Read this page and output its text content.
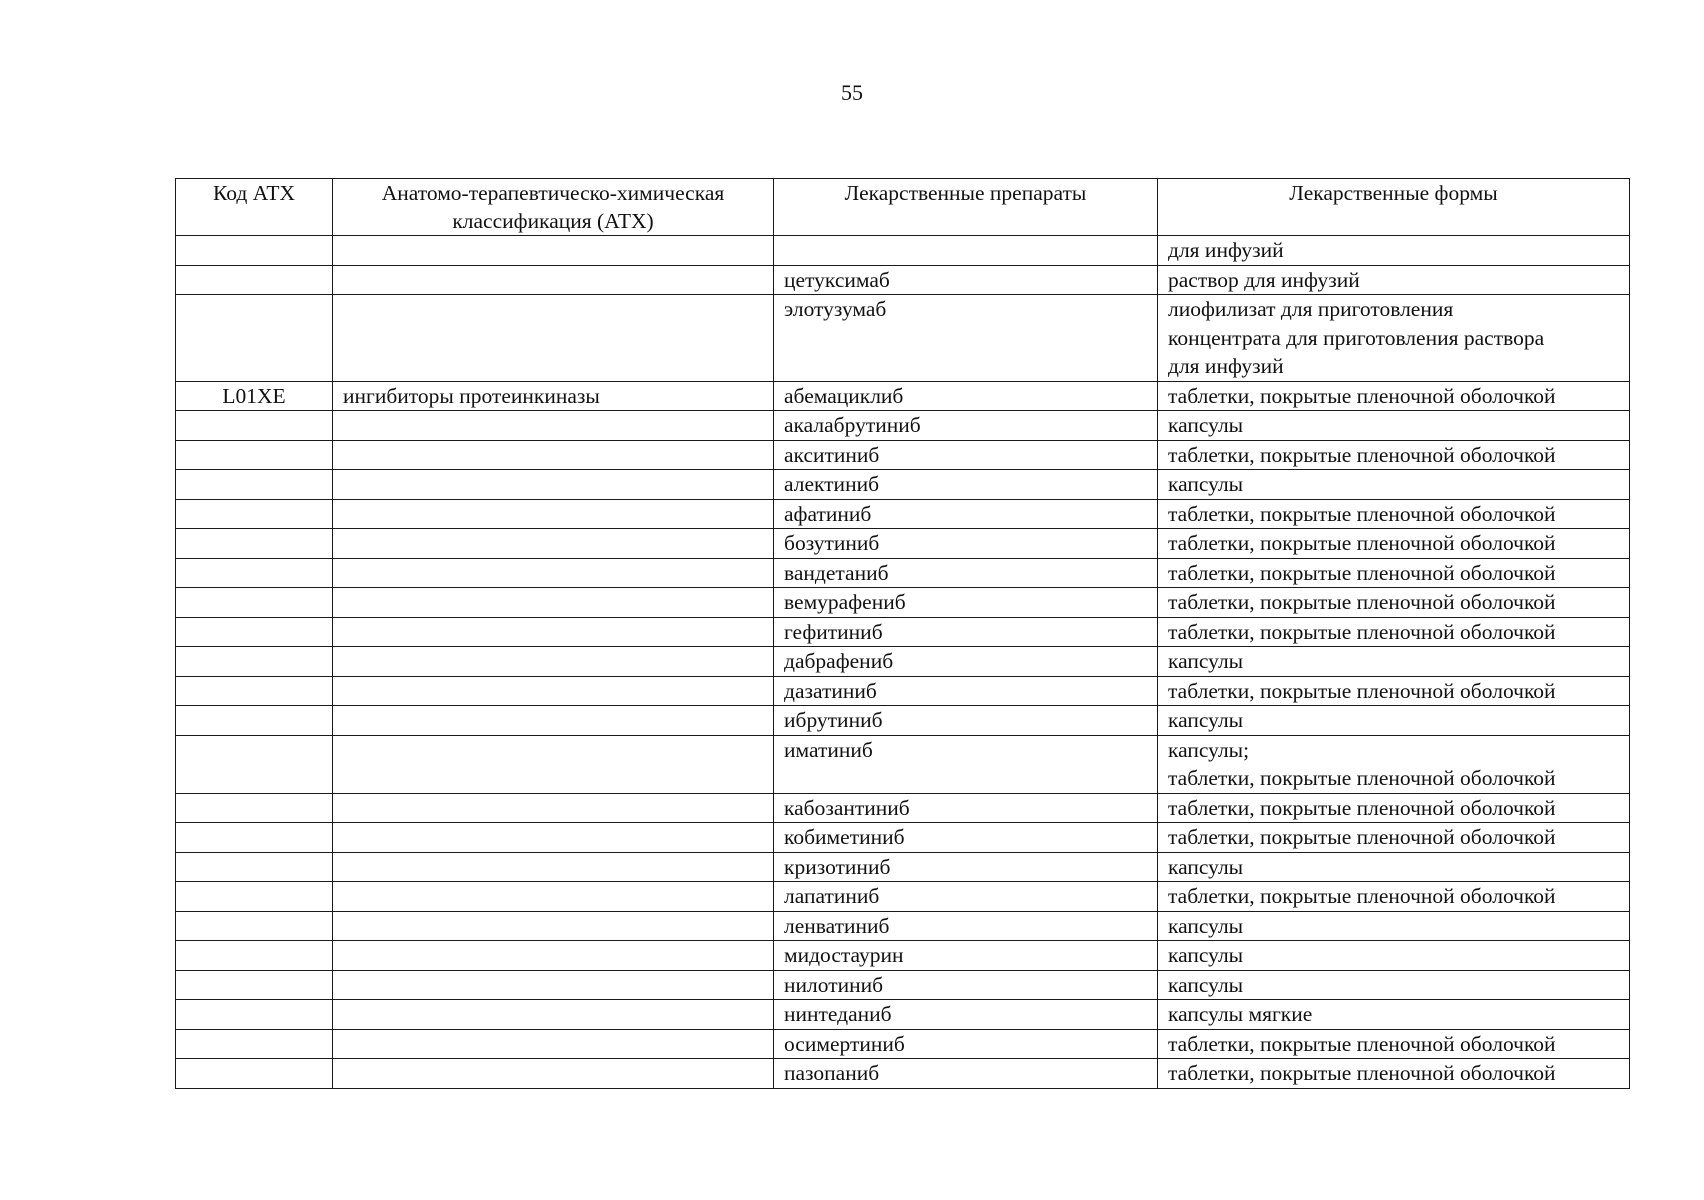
55
Код АТХ	Анатомо-терапевтическо-химическая классификация (АТХ)	Лекарственные препараты	Лекарственные формы
			для инфузий
		цетуксимаб	раствор для инфузий
		элотузумаб	лиофилизат для приготовления
концентрата для приготовления раствора
для инфузий
L01XE	ингибиторы протеинкиназы	абемациклиб	таблетки, покрытые пленочной оболочкой
		акалабрутиниб	капсулы
		акситиниб	таблетки, покрытые пленочной оболочкой
		алектиниб	капсулы
		афатиниб	таблетки, покрытые пленочной оболочкой
		бозутиниб	таблетки, покрытые пленочной оболочкой
		вандетаниб	таблетки, покрытые пленочной оболочкой
		вемурафениб	таблетки, покрытые пленочной оболочкой
		гефитиниб	таблетки, покрытые пленочной оболочкой
		дабрафениб	капсулы
		дазатиниб	таблетки, покрытые пленочной оболочкой
		ибрутиниб	капсулы
		иматиниб	капсулы;
таблетки, покрытые пленочной оболочкой
		кабозантиниб	таблетки, покрытые пленочной оболочкой
		кобиметиниб	таблетки, покрытые пленочной оболочкой
		кризотиниб	капсулы
		лапатиниб	таблетки, покрытые пленочной оболочкой
		ленватиниб	капсулы
		мидостаурин	капсулы
		нилотиниб	капсулы
		нинтеданиб	капсулы мягкие
		осимертиниб	таблетки, покрытые пленочной оболочкой
		пазопаниб	таблетки, покрытые пленочной оболочкой
